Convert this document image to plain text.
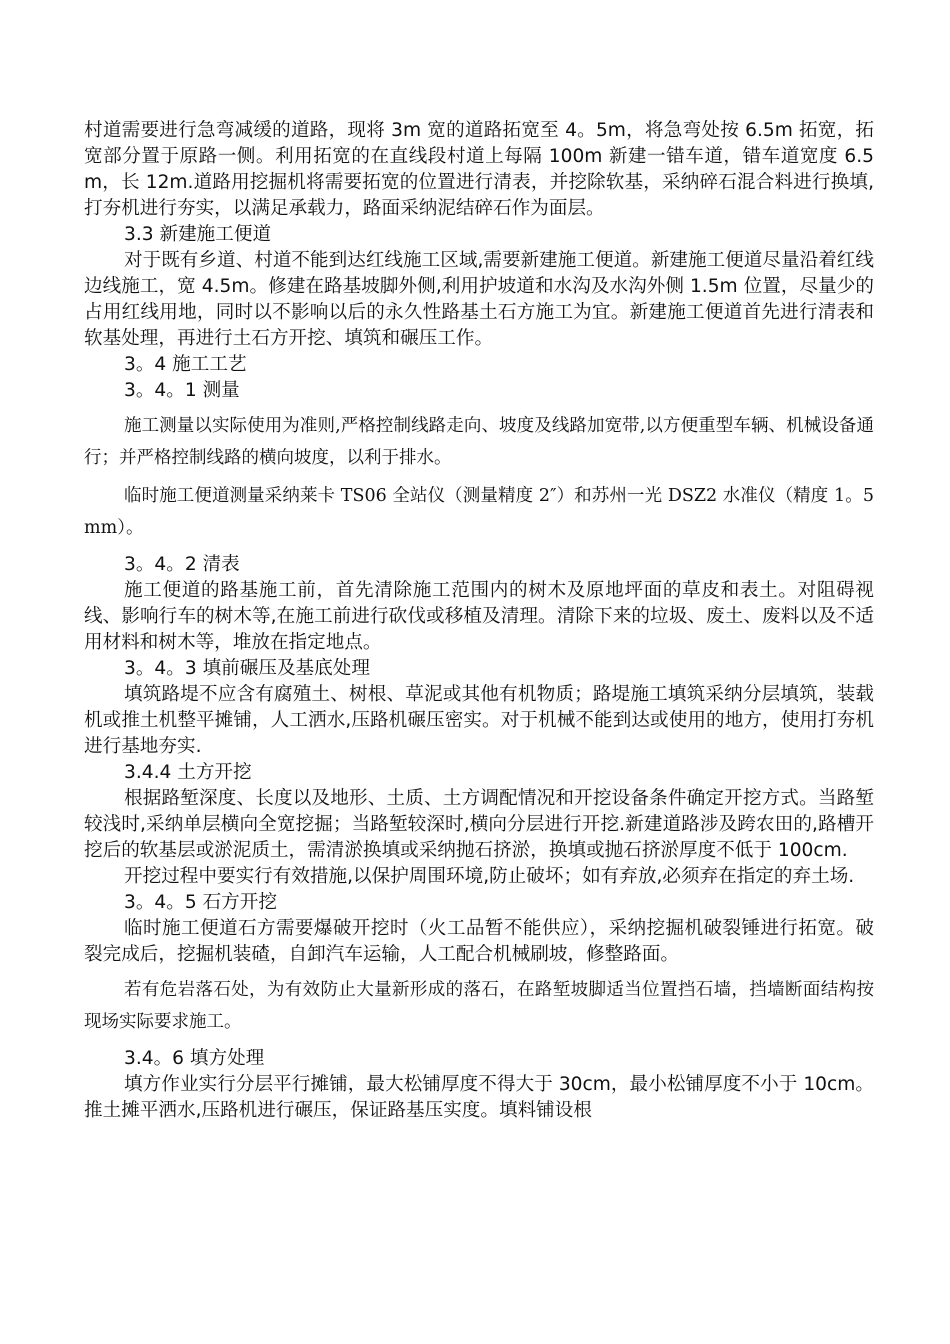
村道需要进行急弯减缓的道路，现将 3m 宽的道路拓宽至 4。5m，将急弯处按 6.5m 拓宽，拓宽部分置于原路一侧。利用拓宽的在直线段村道上每隔 100m 新建一错车道，错车道宽度 6.5m，长 12m.道路用挖掘机将需要拓宽的位置进行清表，并挖除软基，采纳碎石混合料进行换填,打夯机进行夯实，以满足承载力，路面采纳泥结碎石作为面层。

3.3 新建施工便道

对于既有乡道、村道不能到达红线施工区域,需要新建施工便道。新建施工便道尽量沿着红线边线施工，宽 4.5m。修建在路基坡脚外侧,利用护坡道和水沟及水沟外侧 1.5m 位置，尽量少的占用红线用地，同时以不影响以后的永久性路基土石方施工为宜。新建施工便道首先进行清表和软基处理，再进行土石方开挖、填筑和碾压工作。

3。4 施工工艺

3。4。1 测量

施工测量以实际使用为准则,严格控制线路走向、坡度及线路加宽带,以方便重型车辆、机械设备通行；并严格控制线路的横向坡度，以利于排水。

临时施工便道测量采纳莱卡 TS06 全站仪（测量精度 2″）和苏州一光 DSZ2 水准仪（精度 1。5mm）。

3。4。2 清表

施工便道的路基施工前，首先清除施工范围内的树木及原地坪面的草皮和表土。对阻碍视线、影响行车的树木等,在施工前进行砍伐或移植及清理。清除下来的垃圾、废土、废料以及不适用材料和树木等，堆放在指定地点。

3。4。3 填前碾压及基底处理

填筑路堤不应含有腐殖土、树根、草泥或其他有机物质；路堤施工填筑采纳分层填筑，装载机或推土机整平摊铺，人工洒水,压路机碾压密实。对于机械不能到达或使用的地方，使用打夯机进行基地夯实.

3.4.4 土方开挖

根据路堑深度、长度以及地形、土质、土方调配情况和开挖设备条件确定开挖方式。当路堑较浅时,采纳单层横向全宽挖掘；当路堑较深时,横向分层进行开挖.新建道路涉及跨农田的,路槽开挖后的软基层或淤泥质土，需清淤换填或采纳抛石挤淤，换填或抛石挤淤厚度不低于 100cm.

开挖过程中要实行有效措施,以保护周围环境,防止破坏；如有弃放,必须弃在指定的弃土场.

3。4。5 石方开挖

临时施工便道石方需要爆破开挖时（火工品暂不能供应），采纳挖掘机破裂锤进行拓宽。破裂完成后，挖掘机装碴，自卸汽车运输，人工配合机械刷坡，修整路面。

若有危岩落石处，为有效防止大量新形成的落石，在路堑坡脚适当位置挡石墙，挡墙断面结构按现场实际要求施工。

3.4。6 填方处理

填方作业实行分层平行摊铺，最大松铺厚度不得大于 30cm，最小松铺厚度不小于 10cm。推土摊平洒水,压路机进行碾压，保证路基压实度。填料铺设根
